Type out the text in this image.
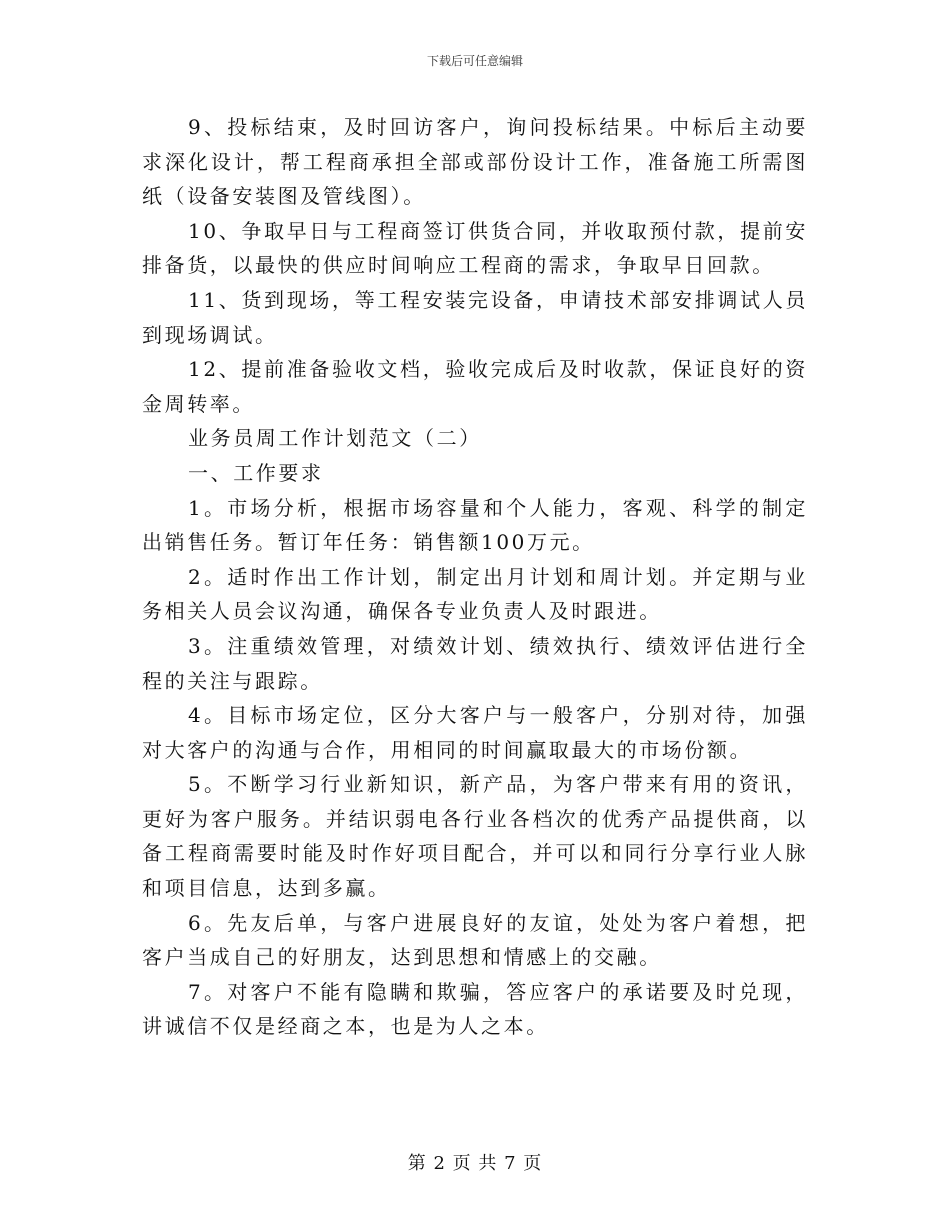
下载后可任意编辑

9、投标结束，及时回访客户，询问投标结果。中标后主动要求深化设计，帮工程商承担全部或部份设计工作，准备施工所需图纸（设备安装图及管线图）。

10、争取早日与工程商签订供货合同，并收取预付款，提前安排备货，以最快的供应时间响应工程商的需求，争取早日回款。

11、货到现场，等工程安装完设备，申请技术部安排调试人员到现场调试。

12、提前准备验收文档，验收完成后及时收款，保证良好的资金周转率。

业务员周工作计划范文（二）

一、工作要求

1。市场分析，根据市场容量和个人能力，客观、科学的制定出销售任务。暂订年任务：销售额100万元。

2。适时作出工作计划，制定出月计划和周计划。并定期与业务相关人员会议沟通，确保各专业负责人及时跟进。

3。注重绩效管理，对绩效计划、绩效执行、绩效评估进行全程的关注与跟踪。

4。目标市场定位，区分大客户与一般客户，分别对待，加强对大客户的沟通与合作，用相同的时间赢取最大的市场份额。

5。不断学习行业新知识，新产品，为客户带来有用的资讯，更好为客户服务。并结识弱电各行业各档次的优秀产品提供商，以备工程商需要时能及时作好项目配合，并可以和同行分享行业人脉和项目信息，达到多赢。

6。先友后单，与客户进展良好的友谊，处处为客户着想，把客户当成自己的好朋友，达到思想和情感上的交融。

7。对客户不能有隐瞒和欺骗，答应客户的承诺要及时兑现，讲诚信不仅是经商之本，也是为人之本。

第 2 页 共 7 页
